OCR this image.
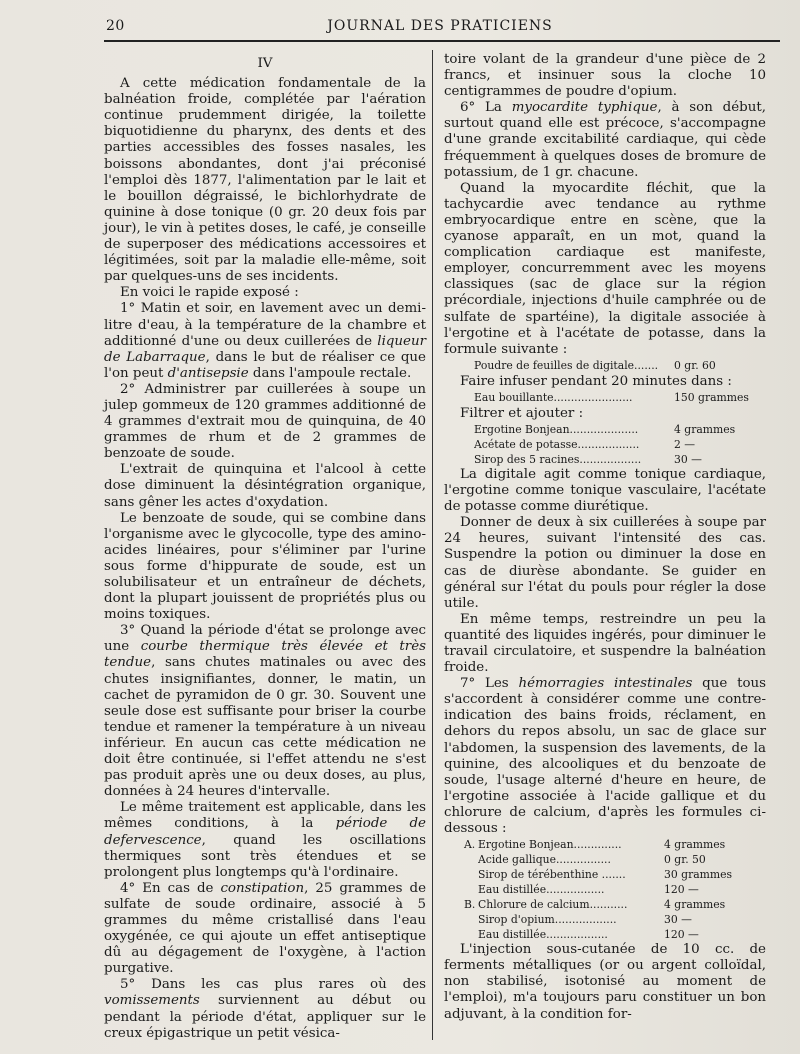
20	JOURNAL DES PRATICIENS

IV

A cette médication fondamentale de la balnéation froide, complétée par l'aération continue prudemment dirigée, la toilette biquotidienne du pharynx, des dents et des parties accessibles des fosses nasales, les boissons abondantes, dont j'ai préconisé l'emploi dès 1877, l'alimentation par le lait et le bouillon dégraissé, le bichlorhydrate de quinine à dose tonique (0 gr. 20 deux fois par jour), le vin à petites doses, le café, je conseille de superposer des médications accessoires et légitimées, soit par la maladie elle-même, soit par quelques-uns de ses incidents.

En voici le rapide exposé :

1° Matin et soir, en lavement avec un demi-litre d'eau, à la température de la chambre et additionné d'une ou deux cuillerées de liqueur de Labarraque, dans le but de réaliser ce que l'on peut d'antisepsie dans l'ampoule rectale.

2° Administrer par cuillerées à soupe un julep gommeux de 120 grammes additionné de 4 grammes d'extrait mou de quinquina, de 40 grammes de rhum et de 2 grammes de benzoate de soude.

L'extrait de quinquina et l'alcool à cette dose diminuent la désintégration organique, sans gêner les actes d'oxydation.

Le benzoate de soude, qui se combine dans l'organisme avec le glycocolle, type des amino-acides linéaires, pour s'éliminer par l'urine sous forme d'hippurate de soude, est un solubilisateur et un entraîneur de déchets, dont la plupart jouissent de propriétés plus ou moins toxiques.

3° Quand la période d'état se prolonge avec une courbe thermique très élevée et très tendue, sans chutes matinales ou avec des chutes insignifiantes, donner, le matin, un cachet de pyramidon de 0 gr. 30. Souvent une seule dose est suffisante pour briser la courbe tendue et ramener la température à un niveau inférieur. En aucun cas cette médication ne doit être continuée, si l'effet attendu ne s'est pas produit après une ou deux doses, au plus, données à 24 heures d'intervalle.

Le même traitement est applicable, dans les mêmes conditions, à la période de defervescence, quand les oscillations thermiques sont très étendues et se prolongent plus longtemps qu'à l'ordinaire.

4° En cas de constipation, 25 grammes de sulfate de soude ordinaire, associé à 5 grammes du même cristallisé dans l'eau oxygénée, ce qui ajoute un effet antiseptique dû au dégagement de l'oxygène, à l'action purgative.

5° Dans les cas plus rares où des vomissements surviennent au début ou pendant la période d'état, appliquer sur le creux épigastrique un petit vésica-

toire volant de la grandeur d'une pièce de 2 francs, et insinuer sous la cloche 10 centigrammes de poudre d'opium.

6° La myocardite typhique, à son début, surtout quand elle est précoce, s'accompagne d'une grande excitabilité cardiaque, qui cède fréquemment à quelques doses de bromure de potassium, de 1 gr. chacune.

Quand la myocardite fléchit, que la tachycardie avec tendance au rythme embryocardique entre en scène, que la cyanose apparaît, en un mot, quand la complication cardiaque est manifeste, employer, concurremment avec les moyens classiques (sac de glace sur la région précordiale, injections d'huile camphrée ou de sulfate de spartéine), la digitale associée à l'ergotine et à l'acétate de potasse, dans la formule suivante :

Poudre de feuilles de digitale.......	0 gr. 60

Faire infuser pendant 20 minutes dans :

Eau bouillante.......................	150 grammes

Filtrer et ajouter :

Ergotine Bonjean....................	4 grammes
Acétate de potasse..................	2 —
Sirop des 5 racines..................	30 —

La digitale agit comme tonique cardiaque, l'ergotine comme tonique vasculaire, l'acétate de potasse comme diurétique.

Donner de deux à six cuillerées à soupe par 24 heures, suivant l'intensité des cas. Suspendre la potion ou diminuer la dose en cas de diurèse abondante. Se guider en général sur l'état du pouls pour régler la dose utile.

En même temps, restreindre un peu la quantité des liquides ingérés, pour diminuer le travail circulatoire, et suspendre la balnéation froide.

7° Les hémorragies intestinales que tous s'accordent à considérer comme une contre-indication des bains froids, réclament, en dehors du repos absolu, un sac de glace sur l'abdomen, la suspension des lavements, de la quinine, des alcooliques et du benzoate de soude, l'usage alterné d'heure en heure, de l'ergotine associée à l'acide gallique et du chlorure de calcium, d'après les formules ci-dessous :

A. Ergotine Bonjean..............	4 grammes
Acide gallique................	0 gr. 50
Sirop de térébenthine .......	30 grammes
Eau distillée.................	120 —
B. Chlorure de calcium...........	4 grammes
Sirop d'opium..................	30 —
Eau distillée..................	120 —

L'injection sous-cutanée de 10 cc. de ferments métalliques (or ou argent colloïdal, non stabilisé, isotonisé au moment de l'emploi), m'a toujours paru constituer un bon adjuvant, à la condition for-
